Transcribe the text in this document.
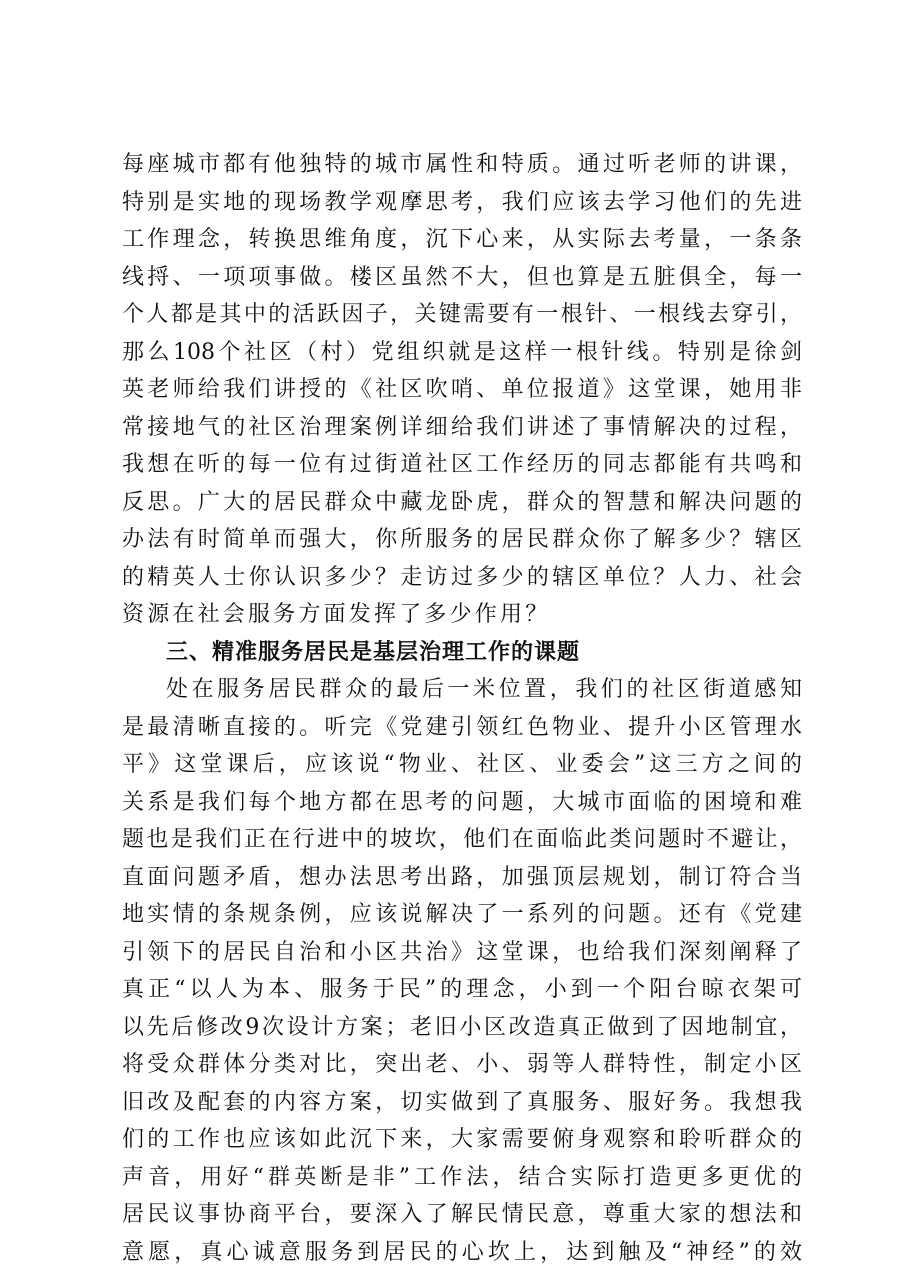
每座城市都有他独特的城市属性和特质。通过听老师的讲课，
特别是实地的现场教学观摩思考，我们应该去学习他们的先进
工作理念，转换思维角度，沉下心来，从实际去考量，一条条
线捋、一项项事做。楼区虽然不大，但也算是五脏俱全，每一
个人都是其中的活跃因子，关键需要有一根针、一根线去穿引，
那么108个社区（村）党组织就是这样一根针线。特别是徐剑
英老师给我们讲授的《社区吹哨、单位报道》这堂课，她用非
常接地气的社区治理案例详细给我们讲述了事情解决的过程，
我想在听的每一位有过街道社区工作经历的同志都能有共鸣和
反思。广大的居民群众中藏龙卧虎，群众的智慧和解决问题的
办法有时简单而强大，你所服务的居民群众你了解多少？辖区
的精英人士你认识多少？走访过多少的辖区单位？人力、社会
资源在社会服务方面发挥了多少作用？
三、精准服务居民是基层治理工作的课题
处在服务居民群众的最后一米位置，我们的社区街道感知
是最清晰直接的。听完《党建引领红色物业、提升小区管理水
平》这堂课后，应该说“物业、社区、业委会”这三方之间的
关系是我们每个地方都在思考的问题，大城市面临的困境和难
题也是我们正在行进中的坡坎，他们在面临此类问题时不避让，
直面问题矛盾，想办法思考出路，加强顶层规划，制订符合当
地实情的条规条例，应该说解决了一系列的问题。还有《党建
引领下的居民自治和小区共治》这堂课，也给我们深刻阐释了
真正“以人为本、服务于民”的理念，小到一个阳台晾衣架可
以先后修改9次设计方案；老旧小区改造真正做到了因地制宜，
将受众群体分类对比，突出老、小、弱等人群特性，制定小区
旧改及配套的内容方案，切实做到了真服务、服好务。我想我
们的工作也应该如此沉下来，大家需要俯身观察和聆听群众的
声音，用好“群英断是非”工作法，结合实际打造更多更优的
居民议事协商平台，要深入了解民情民意，尊重大家的想法和
意愿，真心诚意服务到居民的心坎上，达到触及“神经”的效
